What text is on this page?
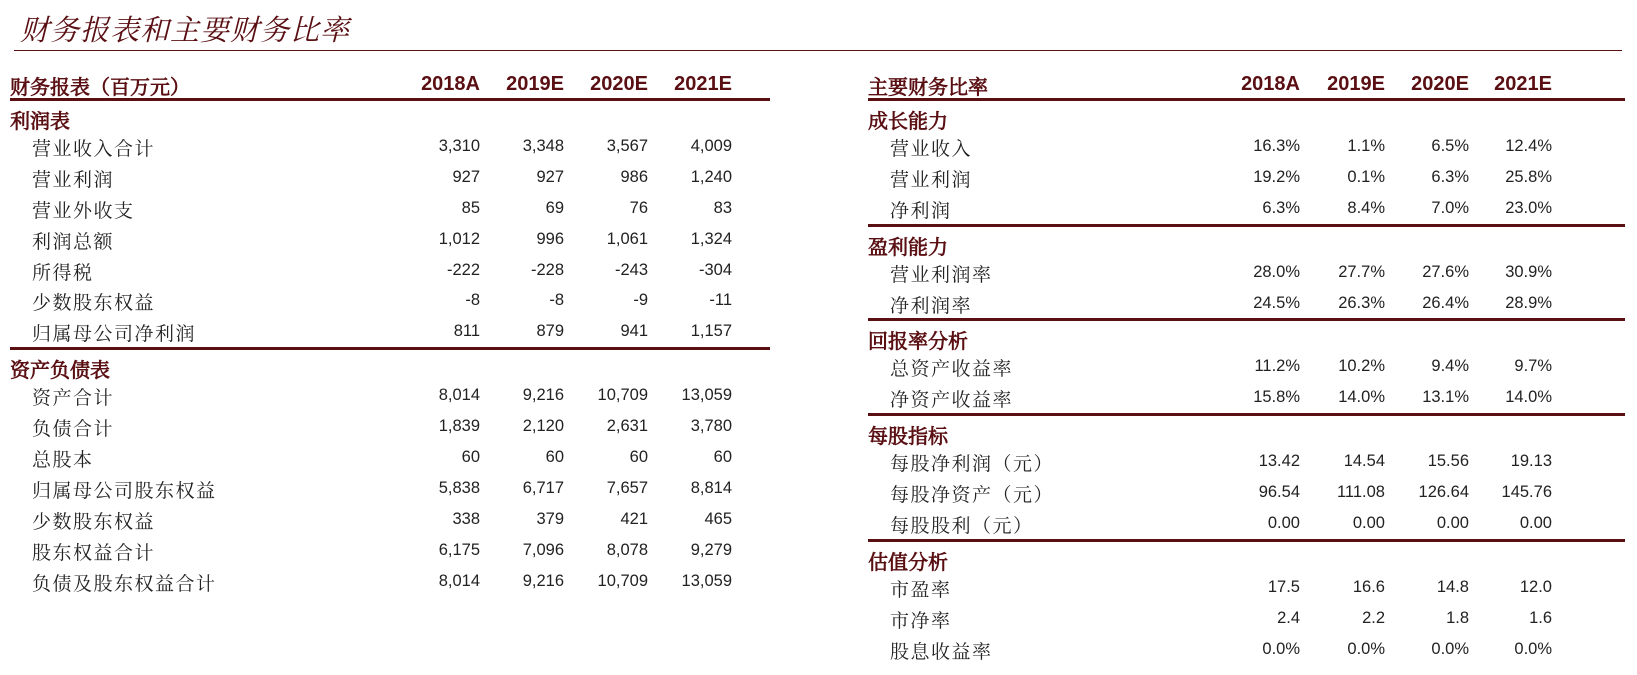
财务报表和主要财务比率
财务报表（百万元）	2018A	2019E	2020E	2021E
利润表
营业收入合计	3,310	3,348	3,567	4,009
营业利润	927	927	986	1,240
营业外收支	85	69	76	83
利润总额	1,012	996	1,061	1,324
所得税	-222	-228	-243	-304
少数股东权益	-8	-8	-9	-11
归属母公司净利润	811	879	941	1,157
资产负债表
资产合计	8,014	9,216	10,709	13,059
负债合计	1,839	2,120	2,631	3,780
总股本	60	60	60	60
归属母公司股东权益	5,838	6,717	7,657	8,814
少数股东权益	338	379	421	465
股东权益合计	6,175	7,096	8,078	9,279
负债及股东权益合计	8,014	9,216	10,709	13,059
主要财务比率	2018A	2019E	2020E	2021E
成长能力
营业收入	16.3%	1.1%	6.5%	12.4%
营业利润	19.2%	0.1%	6.3%	25.8%
净利润	6.3%	8.4%	7.0%	23.0%
盈利能力
营业利润率	28.0%	27.7%	27.6%	30.9%
净利润率	24.5%	26.3%	26.4%	28.9%
回报率分析
总资产收益率	11.2%	10.2%	9.4%	9.7%
净资产收益率	15.8%	14.0%	13.1%	14.0%
每股指标
每股净利润（元）	13.42	14.54	15.56	19.13
每股净资产（元）	96.54	111.08	126.64	145.76
每股股利（元）	0.00	0.00	0.00	0.00
估值分析
市盈率	17.5	16.6	14.8	12.0
市净率	2.4	2.2	1.8	1.6
股息收益率	0.0%	0.0%	0.0%	0.0%
